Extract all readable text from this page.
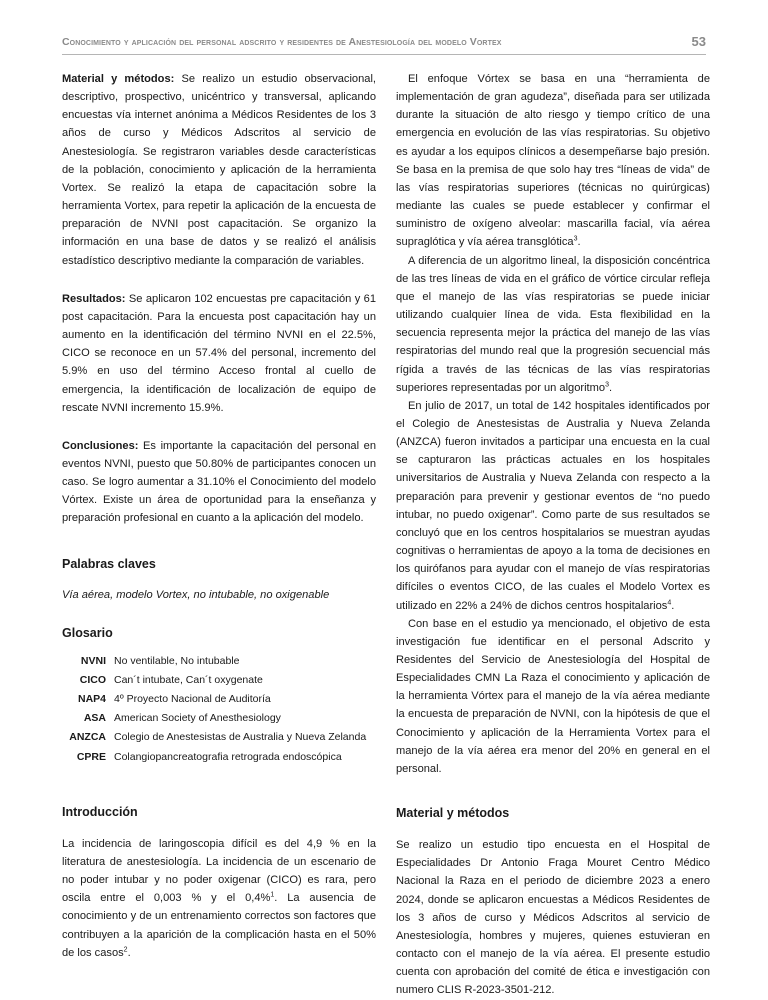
Conocimiento y aplicación del personal adscrito y residentes de Anestesiología del modelo Vortex	53

Material y métodos: Se realizo un estudio observacional, descriptivo, prospectivo, unicéntrico y transversal, aplicando encuestas vía internet anónima a Médicos Residentes de los 3 años de curso y Médicos Adscritos al servicio de Anestesiología. Se registraron variables desde características de la población, conocimiento y aplicación de la herramienta Vortex. Se realizó la etapa de capacitación sobre la herramienta Vortex, para repetir la aplicación de la encuesta de preparación de NVNI post capacitación. Se organizo la información en una base de datos y se realizó el análisis estadístico descriptivo mediante la comparación de variables.

Resultados: Se aplicaron 102 encuestas pre capacitación y 61 post capacitación. Para la encuesta post capacitación hay un aumento en la identificación del término NVNI en el 22.5%, CICO se reconoce en un 57.4% del personal, incremento del 5.9% en uso del término Acceso frontal al cuello de emergencia, la identificación de localización de equipo de rescate NVNI incremento 15.9%.

Conclusiones: Es importante la capacitación del personal en eventos NVNI, puesto que 50.80% de participantes conocen un caso. Se logro aumentar a 31.10% el Conocimiento del modelo Vórtex. Existe un área de oportunidad para la enseñanza y preparación profesional en cuanto a la aplicación del modelo.

Palabras claves
Vía aérea, modelo Vortex, no intubable, no oxigenable
Glosario
NVNI No ventilable, No intubable
CICO Can´t intubate, Can´t oxygenate
NAP4 4º Proyecto Nacional de Auditoría
ASA American Society of Anesthesiology
ANZCA Colegio de Anestesistas de Australia y Nueva Zelanda
CPRE Colangiopancreatografia retrograda endoscópica
Introducción

La incidencia de laringoscopia difícil es del 4,9 % en la literatura de anestesiología. La incidencia de un escenario de no poder intubar y no poder oxigenar (CICO) es rara, pero oscila entre el 0,003 % y el 0,4%$^1$. La ausencia de conocimiento y de un entrenamiento correctos son factores que contribuyen a la aparición de la complicación hasta en el 50% de los casos$^2$.

El enfoque Vórtex se basa en una “herramienta de implementación de gran agudeza”, diseñada para ser utilizada durante la situación de alto riesgo y tiempo crítico de una emergencia en evolución de las vías respiratorias. Su objetivo es ayudar a los equipos clínicos a desempeñarse bajo presión. Se basa en la premisa de que solo hay tres “líneas de vida” de las vías respiratorias superiores (técnicas no quirúrgicas) mediante las cuales se puede establecer y confirmar el suministro de oxígeno alveolar: mascarilla facial, vía aérea supraglótica y vía aérea transglótica$^3$.

A diferencia de un algoritmo lineal, la disposición concéntrica de las tres líneas de vida en el gráfico de vórtice circular refleja que el manejo de las vías respiratorias se puede iniciar utilizando cualquier línea de vida. Esta flexibilidad en la secuencia representa mejor la práctica del manejo de las vías respiratorias del mundo real que la progresión secuencial más rígida a través de las técnicas de las vías respiratorias superiores representadas por un algoritmo$^3$.

En julio de 2017, un total de 142 hospitales identificados por el Colegio de Anestesistas de Australia y Nueva Zelanda (ANZCA) fueron invitados a participar una encuesta en la cual se capturaron las prácticas actuales en los hospitales universitarios de Australia y Nueva Zelanda con respecto a la preparación para prevenir y gestionar eventos de “no puedo intubar, no puedo oxigenar”. Como parte de sus resultados se concluyó que en los centros hospitalarios se muestran ayudas cognitivas o herramientas de apoyo a la toma de decisiones en los quirófanos para ayudar con el manejo de vías respiratorias difíciles o eventos CICO, de las cuales el Modelo Vortex es utilizado en 22% a 24% de dichos centros hospitalarios$^4$.

Con base en el estudio ya mencionado, el objetivo de esta investigación fue identificar en el personal Adscrito y Residentes del Servicio de Anestesiología del Hospital de Especialidades CMN La Raza el conocimiento y aplicación de la herramienta Vórtex para el manejo de la vía aérea mediante la encuesta de preparación de NVNI, con la hipótesis de que el Conocimiento y aplicación de la Herramienta Vortex para el manejo de la vía aérea era menor del 20% en general en el personal.

Material y métodos

Se realizo un estudio tipo encuesta en el Hospital de Especialidades Dr Antonio Fraga Mouret Centro Médico Nacional la Raza en el periodo de diciembre 2023 a enero 2024, donde se aplicaron encuestas a Médicos Residentes de los 3 años de curso y Médicos Adscritos al servicio de Anestesiología, hombres y mujeres, quienes estuvieran en contacto con el manejo de la vía aérea. El presente estudio cuenta con aprobación del comité de ética e investigación con numero CLIS R-2023-3501-212.
